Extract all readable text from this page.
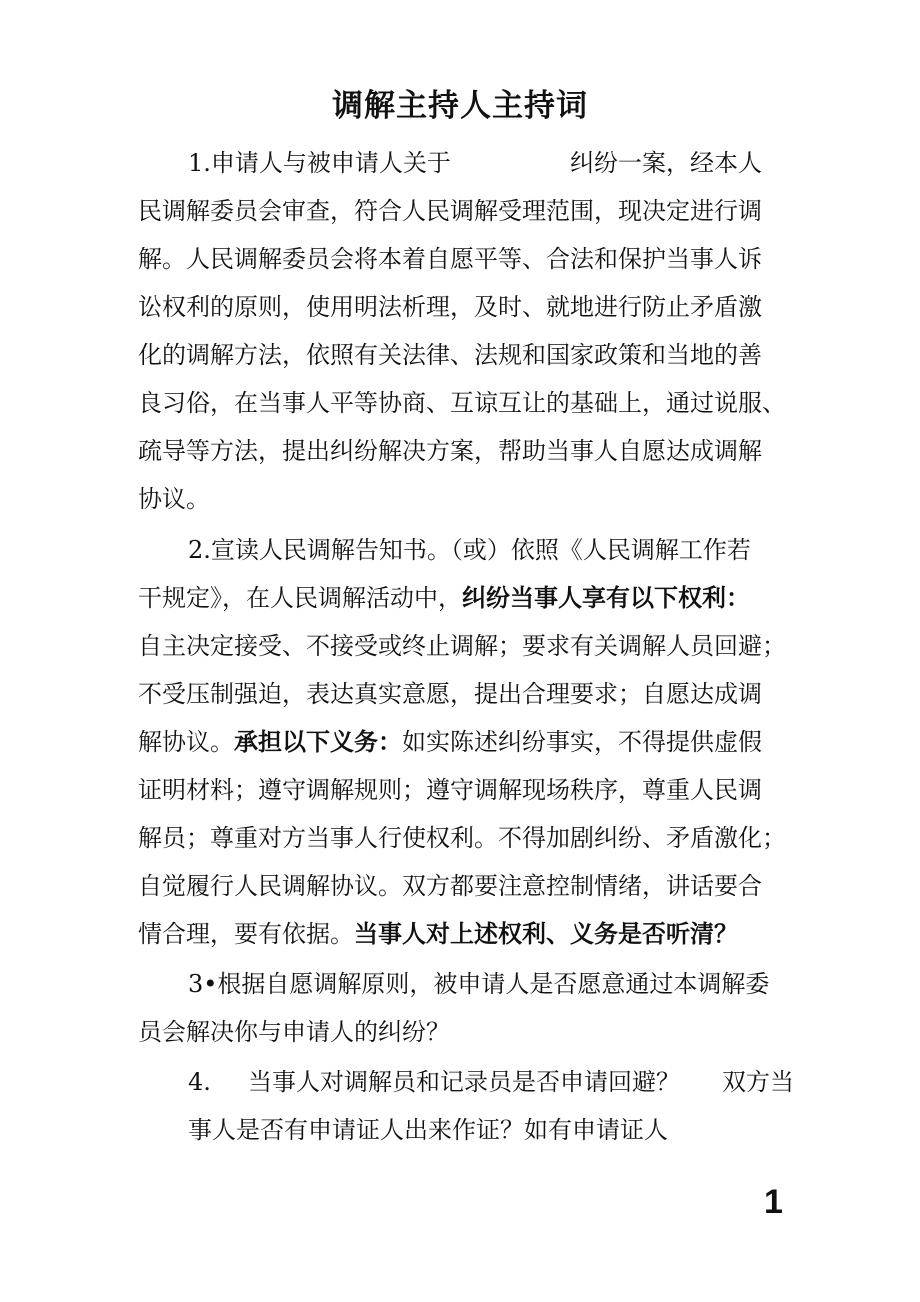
调解主持人主持词
1.申请人与被申请人关于	纠纷一案，经本人
民调解委员会审查，符合人民调解受理范围，现决定进行调
解。人民调解委员会将本着自愿平等、合法和保护当事人诉
讼权利的原则，使用明法析理，及时、就地进行防止矛盾激
化的调解方法，依照有关法律、法规和国家政策和当地的善
良习俗，在当事人平等协商、互谅互让的基础上，通过说服、
疏导等方法，提出纠纷解决方案，帮助当事人自愿达成调解
协议。
2.宣读人民调解告知书。（或）依照《人民调解工作若
干规定》，在人民调解活动中，纠纷当事人享有以下权利：
自主决定接受、不接受或终止调解；要求有关调解人员回避；
不受压制强迫，表达真实意愿，提出合理要求；自愿达成调
解协议。承担以下义务：如实陈述纠纷事实，不得提供虚假
证明材料；遵守调解规则；遵守调解现场秩序，尊重人民调
解员；尊重对方当事人行使权利。不得加剧纠纷、矛盾激化；
自觉履行人民调解协议。双方都要注意控制情绪，讲话要合
情合理，要有依据。当事人对上述权利、义务是否听清？
3•根据自愿调解原则，被申请人是否愿意通过本调解委
员会解决你与申请人的纠纷？
4. 当事人对调解员和记录员是否申请回避？ 双方当
事人是否有申请证人出来作证？如有申请证人
1
